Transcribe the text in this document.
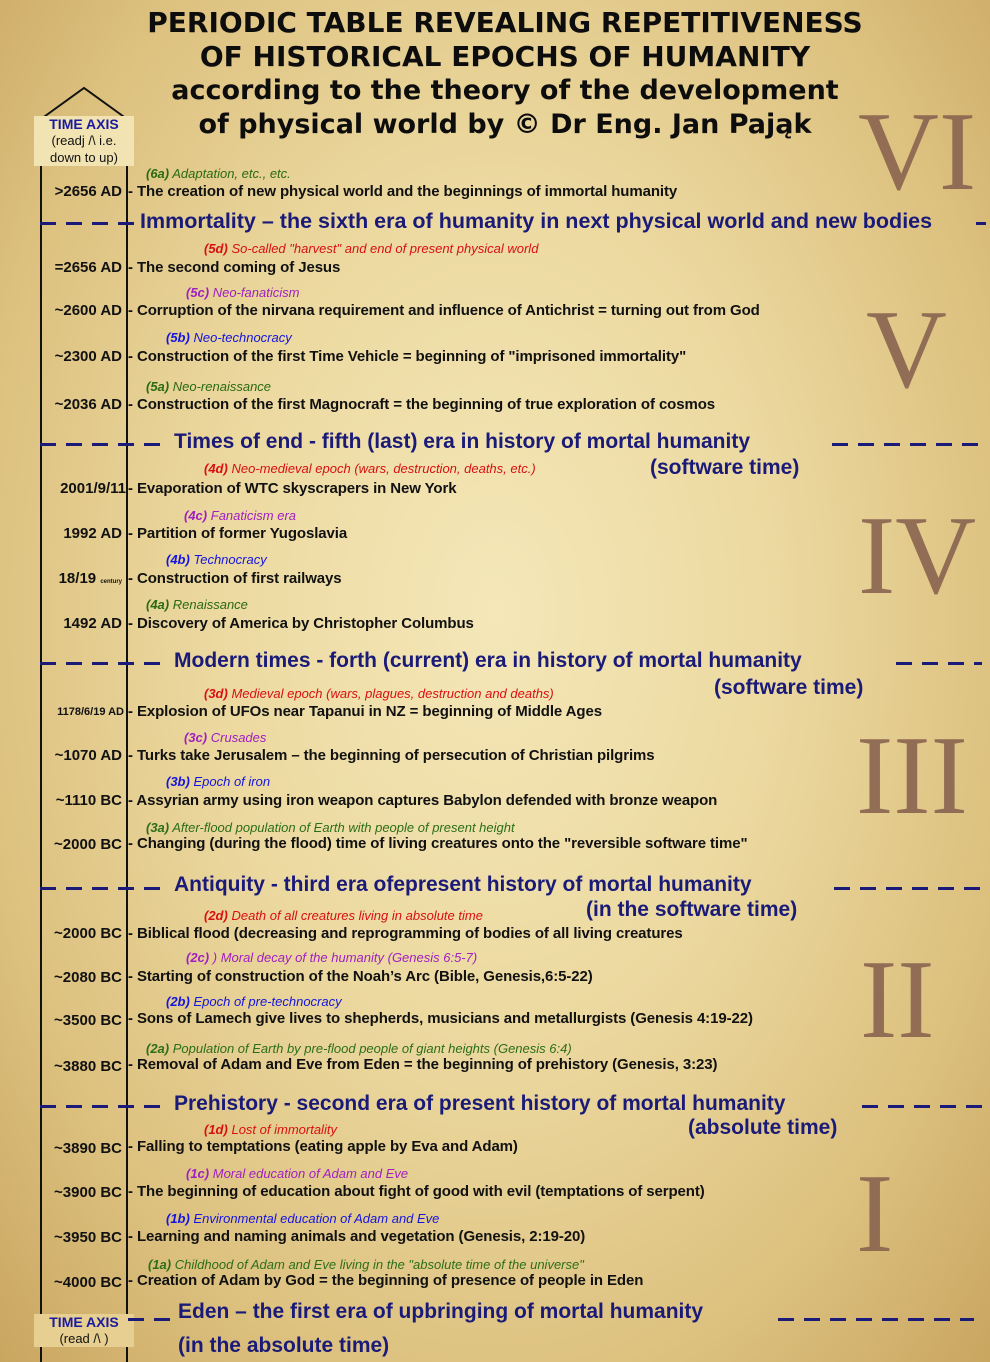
PERIODIC TABLE REVEALING REPETITIVENESS
OF HISTORICAL EPOCHS OF HUMANITY
according to the theory of the development
of physical world by © Dr Eng. Jan Pająk VI
V
IV
III
II
I
TIME AXIS
(readj /\ i.e.
down to up)
TIME AXIS
(read /\ )
(6a) Adaptation, etc., etc.
>2656 AD - The creation of new physical world and the beginnings of immortal humanity
Immortality – the sixth era of humanity in next physical world and new bodies
(5d) So-called "harvest" and end of present physical world
=2656 AD - The second coming of Jesus
(5c) Neo-fanaticism
~2600 AD - Corruption of the nirvana requirement and influence of Antichrist = turning out from God
(5b) Neo-technocracy
~2300 AD - Construction of the first Time Vehicle = beginning of "imprisoned immortality"
(5a) Neo-renaissance
~2036 AD - Construction of the first Magnocraft = the beginning of true exploration of cosmos
Times of end - fifth (last) era in history of mortal humanity
(software time)
(4d) Neo-medieval epoch (wars, destruction, deaths, etc.)
2001/9/11 - Evaporation of WTC skyscrapers in New York
(4c) Fanaticism era
1992 AD - Partition of former Yugoslavia
(4b) Technocracy
18/19 century - Construction of first railways
(4a) Renaissance
1492 AD - Discovery of America by Christopher Columbus
Modern times - forth (current) era in history of mortal humanity
(software time)
(3d) Medieval epoch (wars, plagues, destruction and deaths)
1178/6/19 AD - Explosion of UFOs near Tapanui in NZ = beginning of Middle Ages
(3c) Crusades
~1070 AD - Turks take Jerusalem – the beginning of persecution of Christian pilgrims
(3b) Epoch of iron
~1110 BC - Assyrian army using iron weapon captures Babylon defended with bronze weapon
(3a) After-flood population of Earth with people of present height
~2000 BC - Changing (during the flood) time of living creatures onto the "reversible software time"
Antiquity - third era ofepresent history of mortal humanity
(in the software time)
(2d) Death of all creatures living in absolute time
~2000 BC - Biblical flood (decreasing and reprogramming of bodies of all living creatures
(2c) ) Moral decay of the humanity (Genesis 6:5-7)
~2080 BC - Starting of construction of the Noah’s Arc (Bible, Genesis,6:5-22)
(2b) Epoch of pre-technocracy
~3500 BC - Sons of Lamech give lives to shepherds, musicians and metallurgists (Genesis 4:19-22)
(2a) Population of Earth by pre-flood people of giant heights (Genesis 6:4)
~3880 BC - Removal of Adam and Eve from Eden = the beginning of prehistory (Genesis, 3:23)
Prehistory - second era of present history of mortal humanity
(absolute time)
(1d) Lost of immortality
~3890 BC - Falling to temptations (eating apple by Eva and Adam)
(1c) Moral education of Adam and Eve
~3900 BC - The beginning of education about fight of good with evil (temptations of serpent)
(1b) Environmental education of Adam and Eve
~3950 BC - Learning and naming animals and vegetation (Genesis, 2:19-20)
(1a) Childhood of Adam and Eve living in the "absolute time of the universe"
~4000 BC - Creation of Adam by God = the beginning of presence of people in Eden
Eden – the first era of upbringing of mortal humanity
(in the absolute time)
